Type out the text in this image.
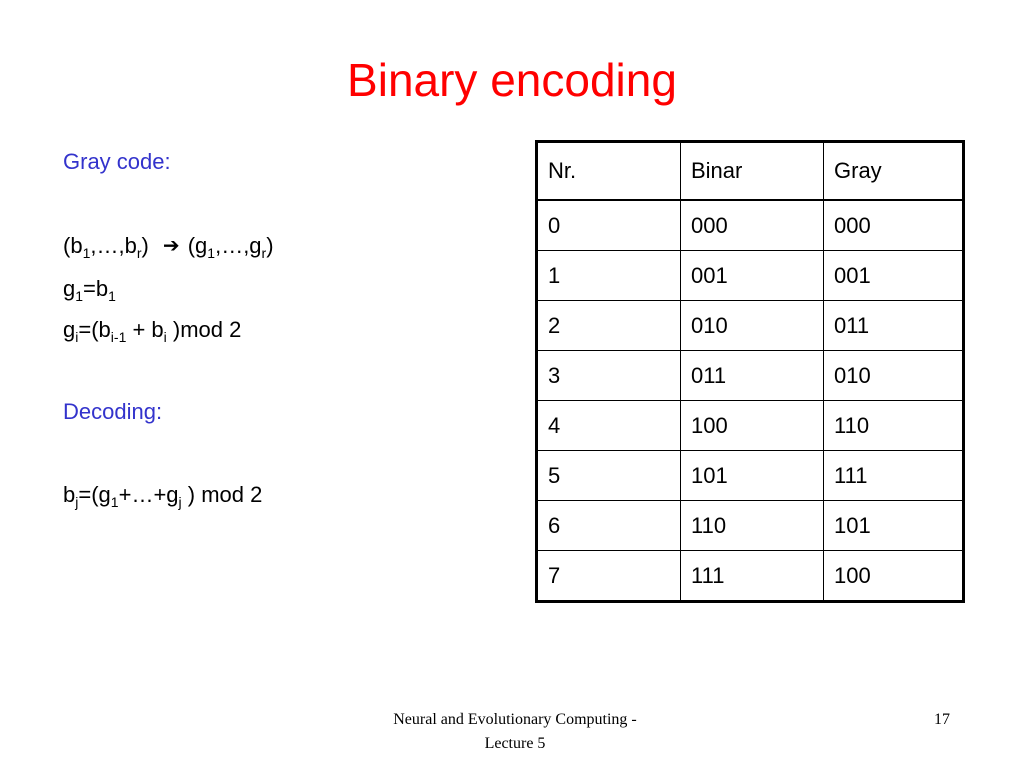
Binary encoding
Gray code:
$(b_1,\dots,b_r)$ ➔ $(g_1,\dots,g_r)$
$g_1=b_1$
$g_i=(b_{i-1} + b_i$ )mod 2
Decoding:
$b_j=(g_1+\dots+g_j$ ) mod 2
Nr.	Binar	Gray
0	000	000
1	001	001
2	010	011
3	011	010
4	100	110
5	101	111
6	110	101
7	111	100
Neural and Evolutionary Computing -
Lecture 5
17
